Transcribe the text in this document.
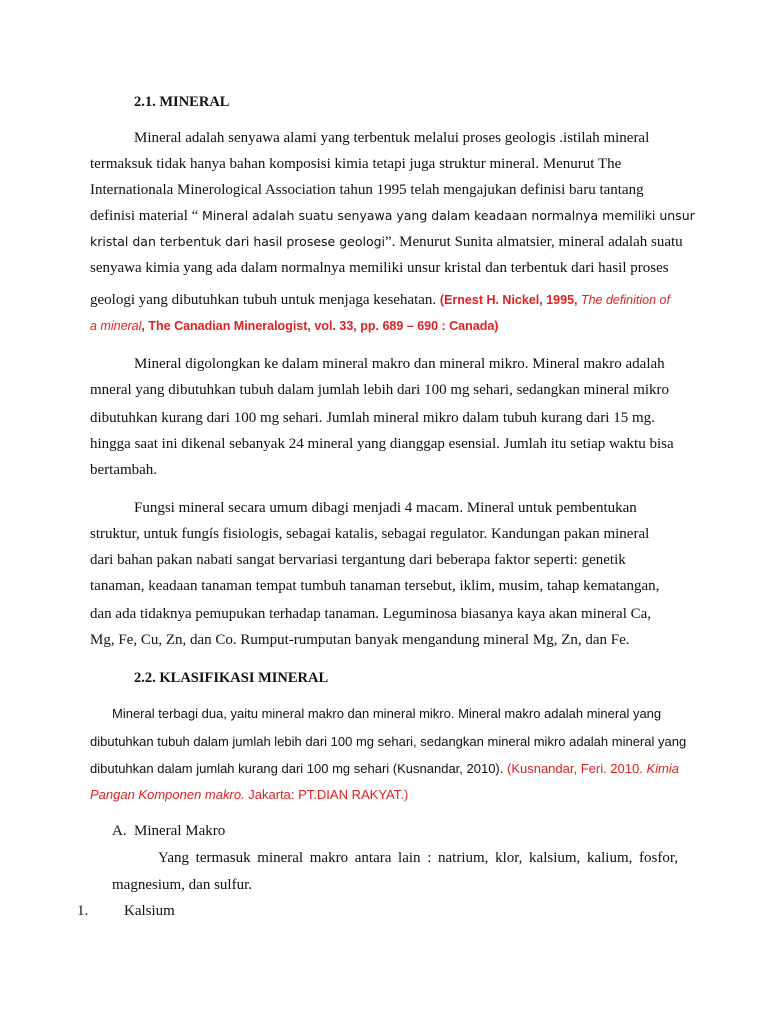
2.1. MINERAL
Mineral adalah senyawa alami yang terbentuk melalui proses geologis .istilah mineral
termaksuk tidak hanya bahan komposisi kimia tetapi juga struktur mineral. Menurut The
Internationala Minerological Association tahun 1995 telah mengajukan definisi baru tantang
definisi material “ Mineral adalah suatu senyawa yang dalam keadaan normalnya memiliki unsur
kristal dan terbentuk dari hasil prosese geologi”. Menurut Sunita almatsier, mineral adalah suatu
senyawa kimia yang ada dalam normalnya memiliki unsur kristal dan terbentuk dari hasil proses
geologi yang dibutuhkan tubuh untuk menjaga kesehatan. (Ernest H. Nickel, 1995, The definition of
a mineral, The Canadian Mineralogist, vol. 33, pp. 689 – 690 : Canada)
Mineral digolongkan ke dalam mineral makro dan mineral mikro. Mineral makro adalah
mneral yang dibutuhkan tubuh dalam jumlah lebih dari 100 mg sehari, sedangkan mineral mikro
dibutuhkan kurang dari 100 mg sehari. Jumlah mineral mikro dalam tubuh kurang dari 15 mg.
hingga saat ini dikenal sebanyak 24 mineral yang dianggap esensial. Jumlah itu setiap waktu bisa
bertambah.
Fungsi mineral secara umum dibagi menjadi 4 macam. Mineral untuk pembentukan
struktur, untuk fungís fisiologis, sebagai katalis, sebagai regulator. Kandungan pakan mineral
dari bahan pakan nabati sangat bervariasi tergantung dari beberapa faktor seperti: genetik
tanaman, keadaan tanaman tempat tumbuh tanaman tersebut, iklim, musim, tahap kematangan,
dan ada tidaknya pemupukan terhadap tanaman. Leguminosa biasanya kaya akan mineral Ca,
Mg, Fe, Cu, Zn, dan Co. Rumput-rumputan banyak mengandung mineral Mg, Zn, dan Fe.
2.2. KLASIFIKASI MINERAL
Mineral terbagi dua, yaitu mineral makro dan mineral mikro. Mineral makro adalah mineral yang
dibutuhkan tubuh dalam jumlah lebih dari 100 mg sehari, sedangkan mineral mikro adalah mineral yang
dibutuhkan dalam jumlah kurang dari 100 mg sehari (Kusnandar, 2010). (Kusnandar, Feri. 2010. Kimia
Pangan Komponen makro. Jakarta: PT.DIAN RAKYAT.)
A. Mineral Makro
Yang termasuk mineral makro antara lain : natrium, klor, kalsium, kalium, fosfor,
magnesium, dan sulfur.
1. Kalsium
